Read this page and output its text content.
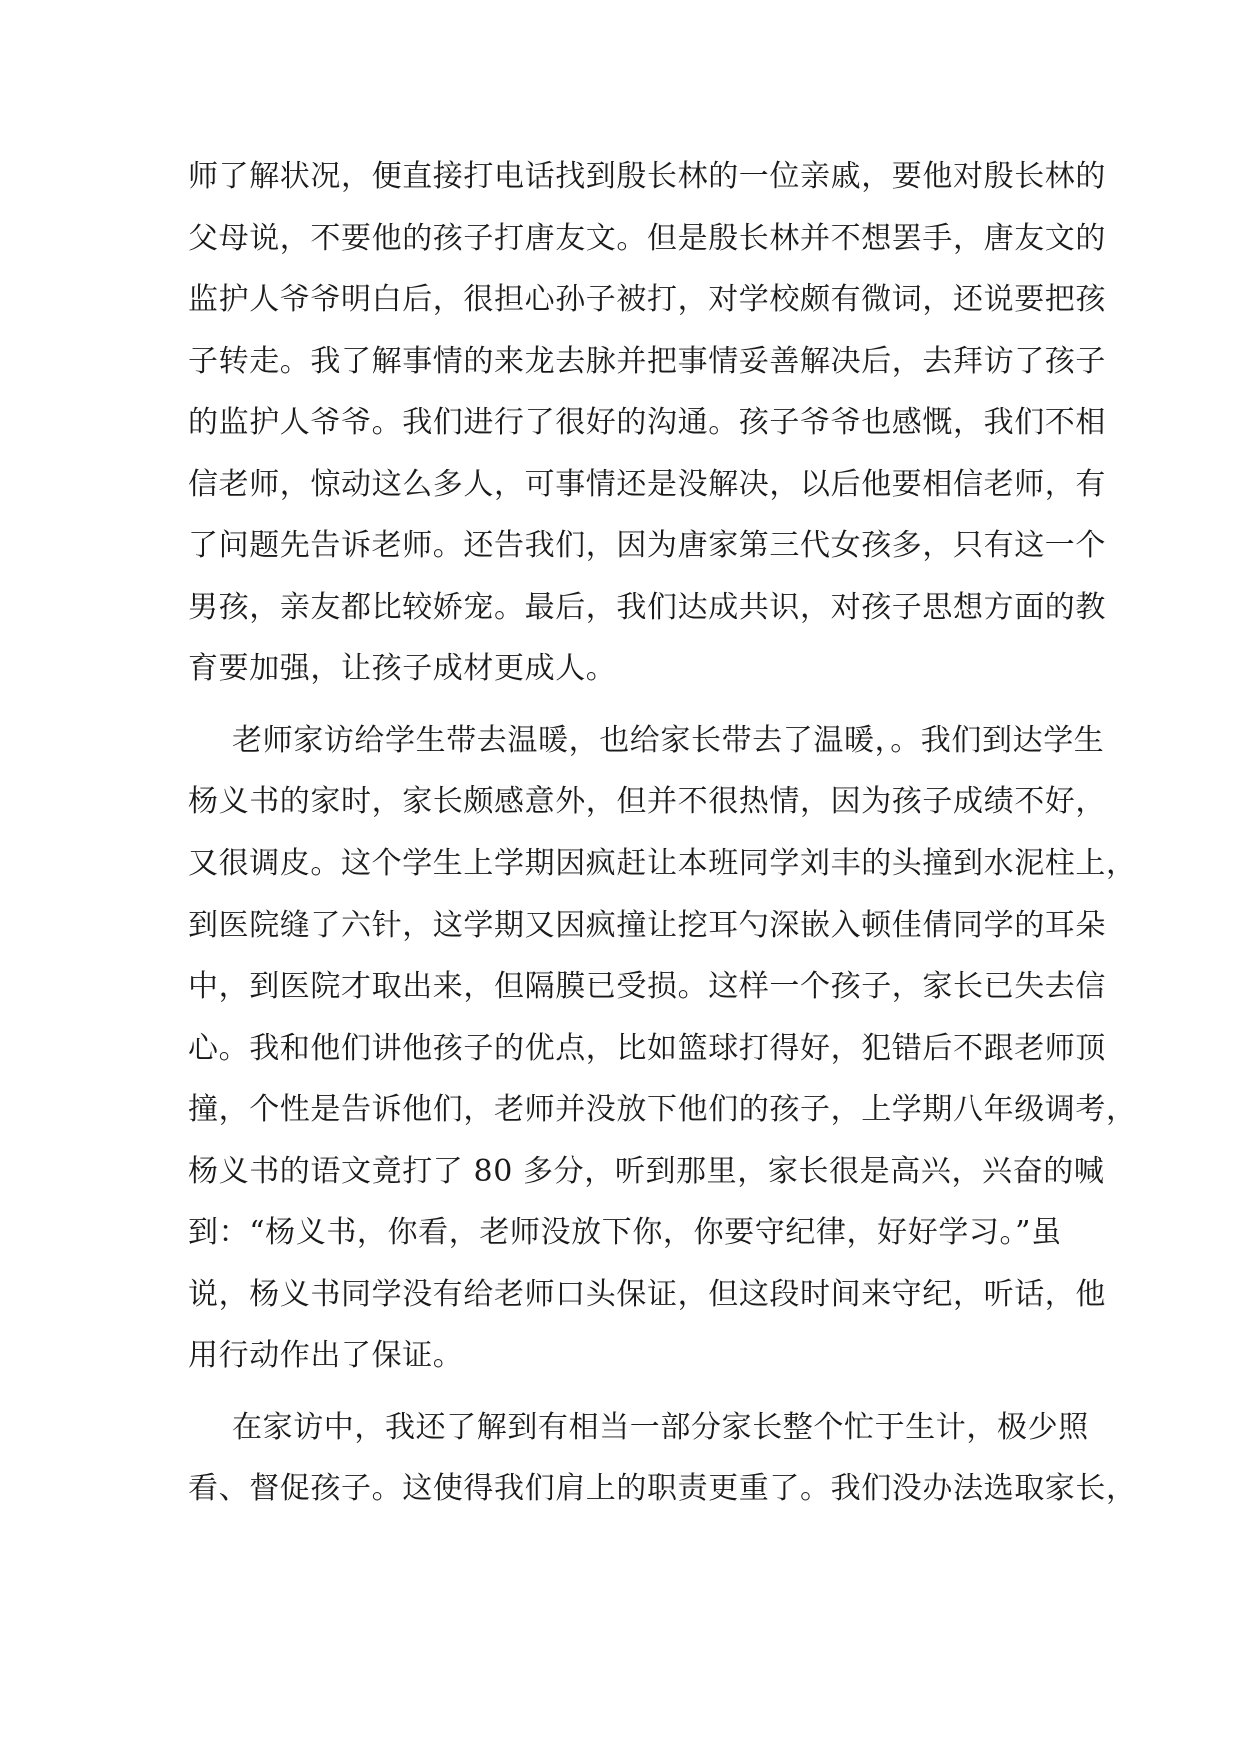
师了解状况，便直接打电话找到殷长林的一位亲戚，要他对殷长林的
父母说，不要他的孩子打唐友文。但是殷长林并不想罢手，唐友文的
监护人爷爷明白后，很担心孙子被打，对学校颇有微词，还说要把孩
子转走。我了解事情的来龙去脉并把事情妥善解决后，去拜访了孩子
的监护人爷爷。我们进行了很好的沟通。孩子爷爷也感慨，我们不相
信老师，惊动这么多人，可事情还是没解决，以后他要相信老师，有
了问题先告诉老师。还告我们，因为唐家第三代女孩多，只有这一个
男孩，亲友都比较娇宠。最后，我们达成共识，对孩子思想方面的教
育要加强，让孩子成材更成人。
老师家访给学生带去温暖，也给家长带去了温暖，。我们到达学生
杨义书的家时，家长颇感意外，但并不很热情，因为孩子成绩不好，
又很调皮。这个学生上学期因疯赶让本班同学刘丰的头撞到水泥柱上，
到医院缝了六针，这学期又因疯撞让挖耳勺深嵌入顿佳倩同学的耳朵
中，到医院才取出来，但隔膜已受损。这样一个孩子，家长已失去信
心。我和他们讲他孩子的优点，比如篮球打得好，犯错后不跟老师顶
撞，个性是告诉他们，老师并没放下他们的孩子，上学期八年级调考，
杨义书的语文竟打了 80 多分，听到那里，家长很是高兴，兴奋的喊
到：“杨义书，你看，老师没放下你，你要守纪律，好好学习。”虽
说，杨义书同学没有给老师口头保证，但这段时间来守纪，听话，他
用行动作出了保证。
在家访中，我还了解到有相当一部分家长整个忙于生计，极少照
看、督促孩子。这使得我们肩上的职责更重了。我们没办法选取家长，
